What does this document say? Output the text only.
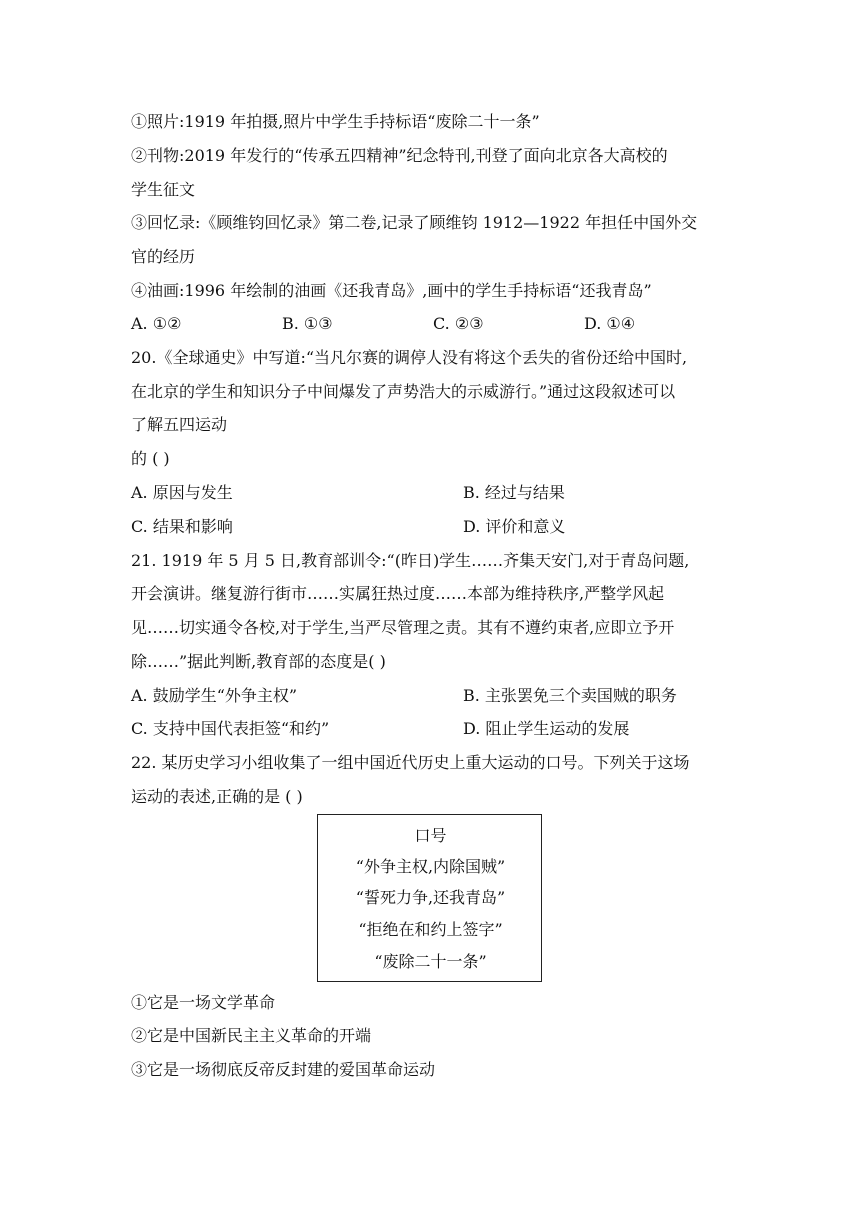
①照片:1919 年拍摄,照片中学生手持标语“废除二十一条”
②刊物:2019 年发行的“传承五四精神”纪念特刊,刊登了面向北京各大高校的
学生征文
③回忆录:《顾维钧回忆录》第二卷,记录了顾维钧 1912—1922 年担任中国外交
官的经历
④油画:1996 年绘制的油画《还我青岛》,画中的学生手持标语“还我青岛”
A. ①②	B. ①③	C. ②③	D. ①④
20.《全球通史》中写道:“当凡尔赛的调停人没有将这个丢失的省份还给中国时,
在北京的学生和知识分子中间爆发了声势浩大的示威游行。”通过这段叙述可以
了解五四运动
的 ( )
A. 原因与发生	B. 经过与结果
C. 结果和影响	D. 评价和意义
21. 1919 年 5 月 5 日,教育部训令:“(昨日)学生……齐集天安门,对于青岛问题,
开会演讲。继复游行街市……实属狂热过度……本部为维持秩序,严整学风起
见……切实通令各校,对于学生,当严尽管理之责。其有不遵约束者,应即立予开
除……”据此判断,教育部的态度是( )
A. 鼓励学生“外争主权”	B. 主张罢免三个卖国贼的职务
C. 支持中国代表拒签“和约”	D. 阻止学生运动的发展
22. 某历史学习小组收集了一组中国近代历史上重大运动的口号。下列关于这场
运动的表述,正确的是 ( )
口号
“外争主权,内除国贼”
“誓死力争,还我青岛”
“拒绝在和约上签字”
“废除二十一条”
①它是一场文学革命
②它是中国新民主主义革命的开端
③它是一场彻底反帝反封建的爱国革命运动
